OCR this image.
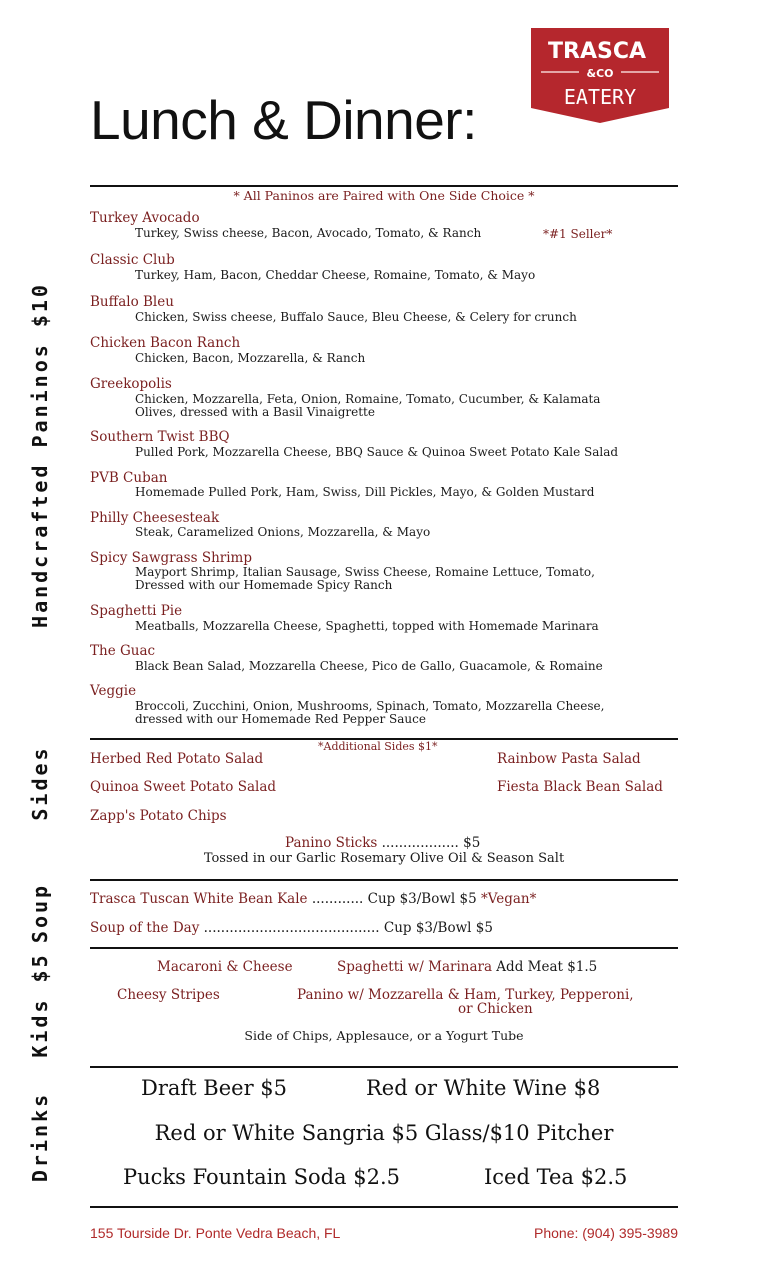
Lunch & Dinner:
TRASCA
&CO
EATERY
* All Paninos are Paired with One Side Choice *
Handcrafted Paninos $10
Sides
Soup
Kids $5
Drinks
Turkey Avocado
Turkey, Swiss cheese, Bacon, Avocado, Tomato, & Ranch	*#1 Seller*
Classic Club
Turkey, Ham, Bacon, Cheddar Cheese, Romaine, Tomato, & Mayo
Buffalo Bleu
Chicken, Swiss cheese, Buffalo Sauce, Bleu Cheese, & Celery for crunch
Chicken Bacon Ranch
Chicken, Bacon, Mozzarella, & Ranch
Greekopolis
Chicken, Mozzarella, Feta, Onion, Romaine, Tomato, Cucumber, & Kalamata
Olives, dressed with a Basil Vinaigrette
Southern Twist BBQ
Pulled Pork, Mozzarella Cheese, BBQ Sauce & Quinoa Sweet Potato Kale Salad
PVB Cuban
Homemade Pulled Pork, Ham, Swiss, Dill Pickles, Mayo, & Golden Mustard
Philly Cheesesteak
Steak, Caramelized Onions, Mozzarella, & Mayo
Spicy Sawgrass Shrimp
Mayport Shrimp, Italian Sausage, Swiss Cheese, Romaine Lettuce, Tomato,
Dressed with our Homemade Spicy Ranch
Spaghetti Pie
Meatballs, Mozzarella Cheese, Spaghetti, topped with Homemade Marinara
The Guac
Black Bean Salad, Mozzarella Cheese, Pico de Gallo, Guacamole, & Romaine
Veggie
Broccoli, Zucchini, Onion, Mushrooms, Spinach, Tomato, Mozzarella Cheese,
dressed with our Homemade Red Pepper Sauce
*Additional Sides $1*
Herbed Red Potato Salad	Rainbow Pasta Salad
Quinoa Sweet Potato Salad	Fiesta Black Bean Salad
Zapp's Potato Chips
Panino Sticks .................. $5
Tossed in our Garlic Rosemary Olive Oil & Season Salt
Trasca Tuscan White Bean Kale ............ Cup $3/Bowl $5 *Vegan*
Soup of the Day ......................................... Cup $3/Bowl $5
Macaroni & Cheese	Spaghetti w/ Marinara Add Meat $1.5
Cheesy Stripes	Panino w/ Mozzarella & Ham, Turkey, Pepperoni,
or Chicken
Side of Chips, Applesauce, or a Yogurt Tube
Draft Beer $5	Red or White Wine $8
Red or White Sangria $5 Glass/$10 Pitcher
Pucks Fountain Soda $2.5	Iced Tea $2.5
155 Tourside Dr. Ponte Vedra Beach, FL	Phone: (904) 395-3989
